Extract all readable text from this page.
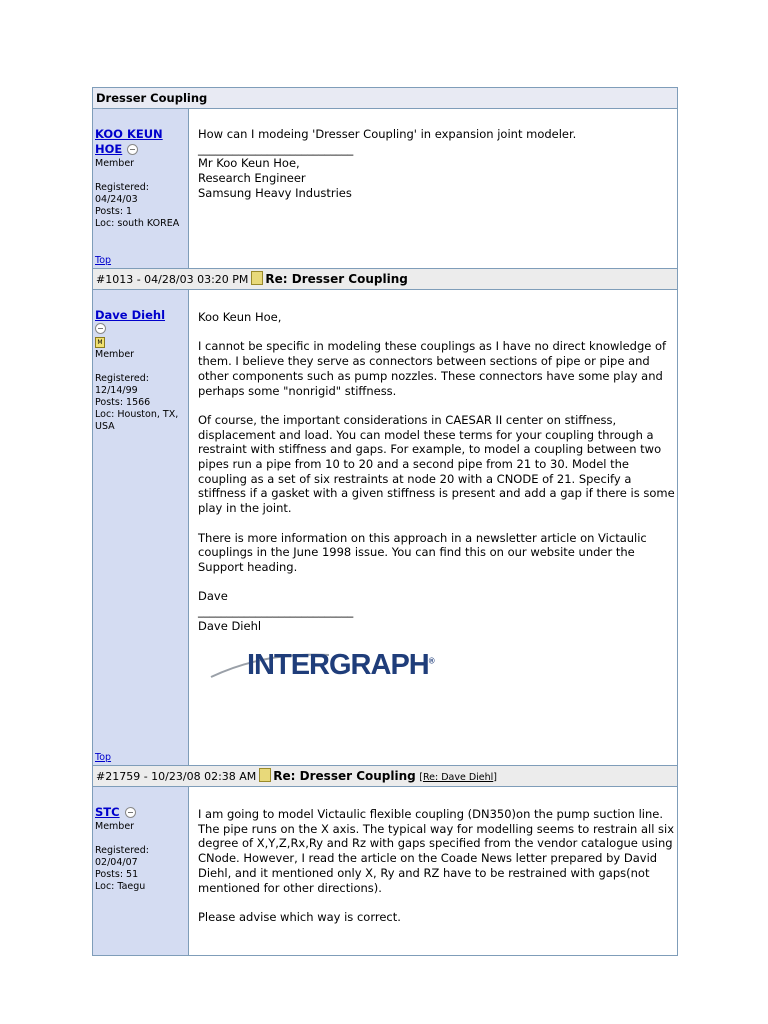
Dresser Coupling
KOO KEUN HOE
Member
Registered: 04/24/03
Posts: 1
Loc: south KOREA
Top
How can I modeing 'Dresser Coupling' in expansion joint modeler.
___________________________
Mr Koo Keun Hoe,
Research Engineer
Samsung Heavy Industries
#1013 - 04/28/03 03:20 PM Re: Dresser Coupling
Dave Diehl
M
Member
Registered: 12/14/99
Posts: 1566
Loc: Houston, TX, USA
Top
Koo Keun Hoe,

I cannot be specific in modeling these couplings as I have no direct knowledge of them. I believe they serve as connectors between sections of pipe or pipe and other components such as pump nozzles. These connectors have some play and perhaps some "nonrigid" stiffness.

Of course, the important considerations in CAESAR II center on stiffness, displacement and load. You can model these terms for your coupling through a restraint with stiffness and gaps. For example, to model a coupling between two pipes run a pipe from 10 to 20 and a second pipe from 21 to 30. Model the coupling as a set of six restraints at node 20 with a CNODE of 21. Specify a stiffness if a gasket with a given stiffness is present and add a gap if there is some play in the joint.

There is more information on this approach in a newsletter article on Victaulic couplings in the June 1998 issue. You can find this on our website under the Support heading.

Dave
___________________________
Dave Diehl
INTERGRAPH®
#21759 - 10/23/08 02:38 AM Re: Dresser Coupling [Re: Dave Diehl]
STC
Member
Registered: 02/04/07
Posts: 51
Loc: Taegu
I am going to model Victaulic flexible coupling (DN350)on the pump suction line. The pipe runs on the X axis. The typical way for modelling seems to restrain all six degree of X,Y,Z,Rx,Ry and Rz with gaps specified from the vendor catalogue using CNode. However, I read the article on the Coade News letter prepared by David Diehl, and it mentioned only X, Ry and RZ have to be restrained with gaps(not mentioned for other directions).

Please advise which way is correct.
